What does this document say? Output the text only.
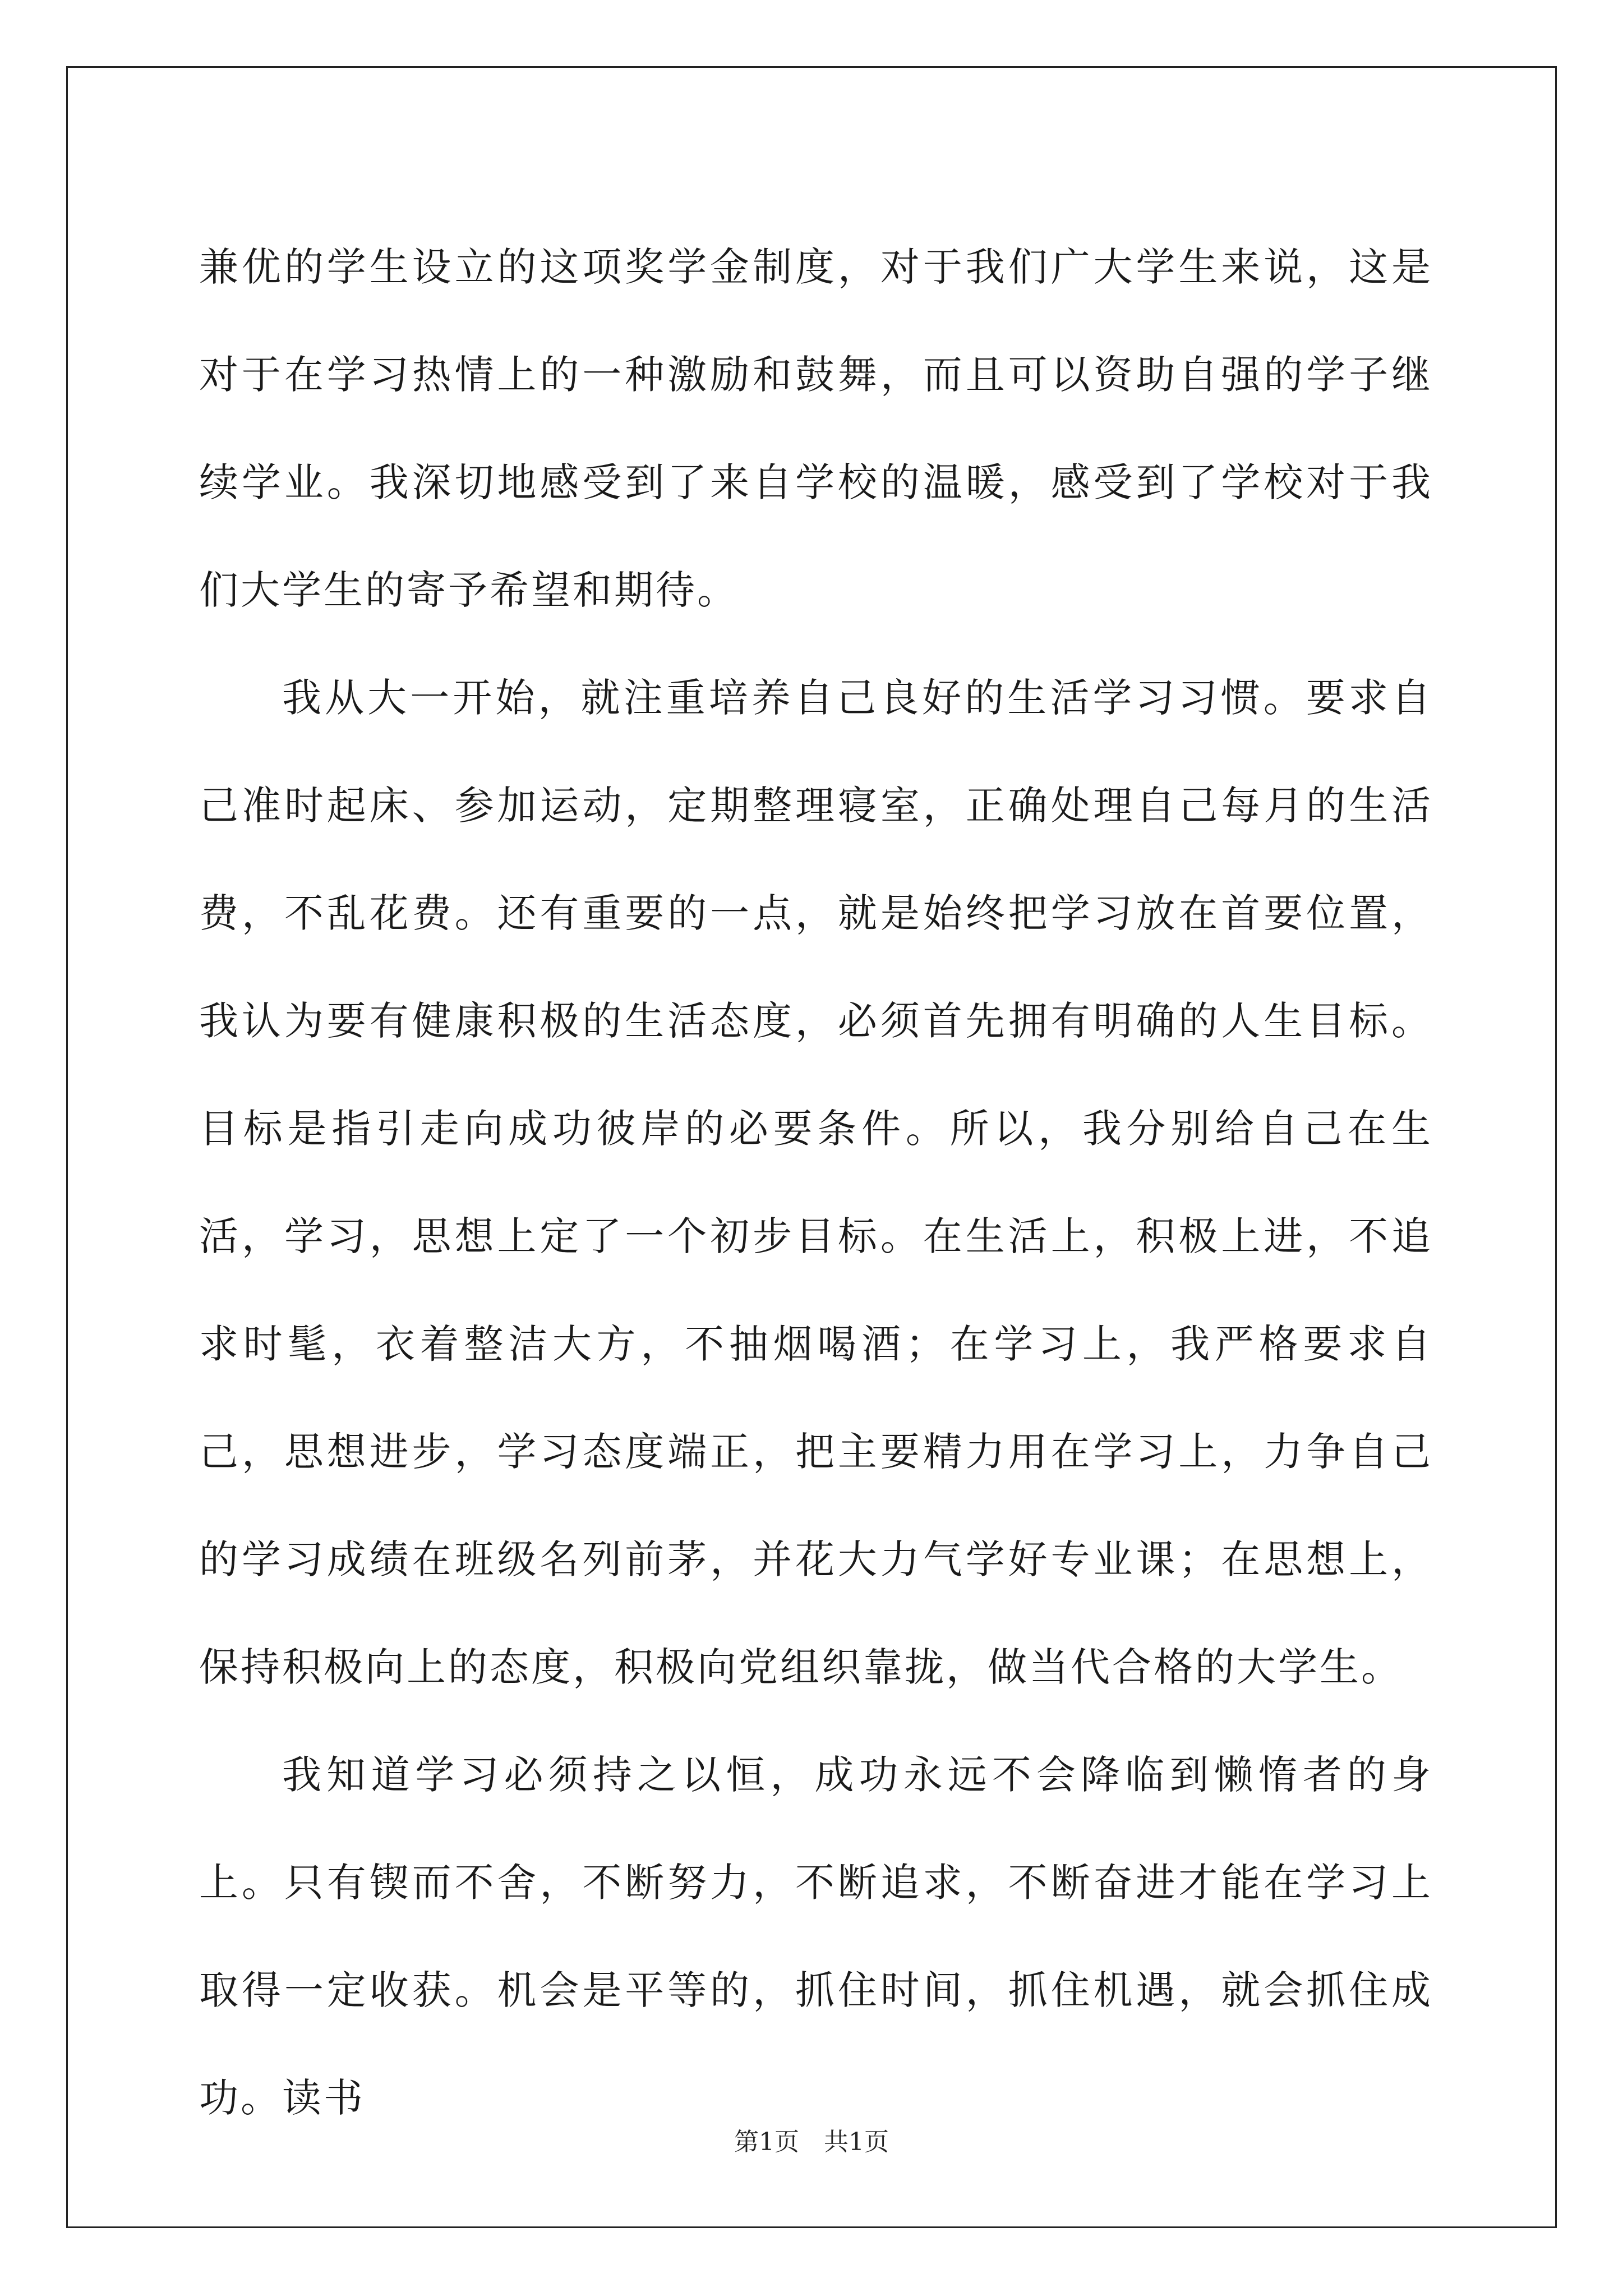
兼优的学生设立的这项奖学金制度，对于我们广大学生来说，这是对于在学习热情上的一种激励和鼓舞，而且可以资助自强的学子继续学业。我深切地感受到了来自学校的温暖，感受到了学校对于我们大学生的寄予希望和期待。

我从大一开始，就注重培养自己良好的生活学习习惯。要求自己准时起床、参加运动，定期整理寝室，正确处理自己每月的生活费，不乱花费。还有重要的一点，就是始终把学习放在首要位置，我认为要有健康积极的生活态度，必须首先拥有明确的人生目标。目标是指引走向成功彼岸的必要条件。所以，我分别给自己在生活，学习，思想上定了一个初步目标。在生活上，积极上进，不追求时髦，衣着整洁大方，不抽烟喝酒；在学习上，我严格要求自己，思想进步，学习态度端正，把主要精力用在学习上，力争自己的学习成绩在班级名列前茅，并花大力气学好专业课；在思想上，保持积极向上的态度，积极向党组织靠拢，做当代合格的大学生。

我知道学习必须持之以恒，成功永远不会降临到懒惰者的身上。只有锲而不舍，不断努力，不断追求，不断奋进才能在学习上取得一定收获。机会是平等的，抓住时间，抓住机遇，就会抓住成功。读书

第1页 共1页
